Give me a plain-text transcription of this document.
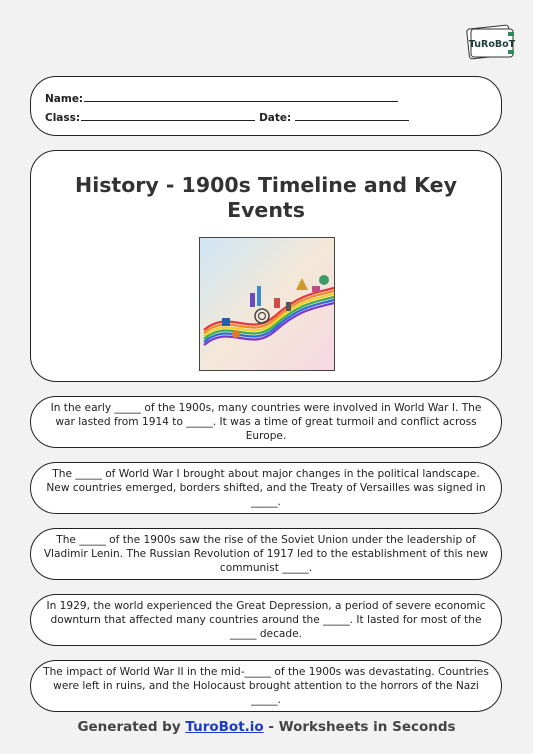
TuRoBoT
Name:
Class:	Date:
History - 1900s Timeline and Key Events

In the early _____ of the 1900s, many countries were involved in World War I. The war lasted from 1914 to _____. It was a time of great turmoil and conflict across Europe.

The _____ of World War I brought about major changes in the political landscape. New countries emerged, borders shifted, and the Treaty of Versailles was signed in _____.

The _____ of the 1900s saw the rise of the Soviet Union under the leadership of Vladimir Lenin. The Russian Revolution of 1917 led to the establishment of this new communist _____.

In 1929, the world experienced the Great Depression, a period of severe economic downturn that affected many countries around the _____. It lasted for most of the _____ decade.

The impact of World War II in the mid-_____ of the 1900s was devastating. Countries were left in ruins, and the Holocaust brought attention to the horrors of the Nazi _____.

Generated by TuroBot.io - Worksheets in Seconds
